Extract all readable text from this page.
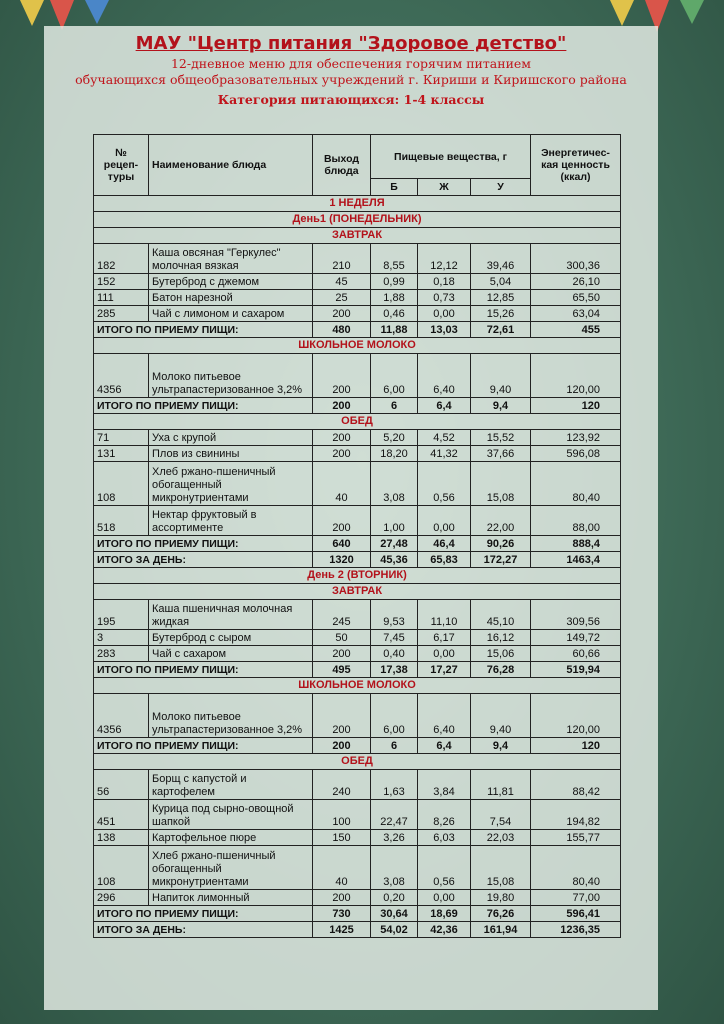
МАУ "Центр питания "Здоровое детство"
12-дневное меню для обеспечения горячим питанием
обучающихся общеобразовательных учреждений г. Кириши и Киришского района
Категория питающихся: 1-4 классы
№ рецеп-туры	Наименование блюда	Выход блюда	Пищевые вещества, г			Энергетичес-кая ценность (ккал)
			Б	Ж	У	
1 НЕДЕЛЯ						
День1 (ПОНЕДЕЛЬНИК)						
ЗАВТРАК						
182	Каша овсяная "Геркулес" молочная вязкая	210	8,55	12,12	39,46	300,36
152	Бутерброд с джемом	45	0,99	0,18	5,04	26,10
111	Батон нарезной	25	1,88	0,73	12,85	65,50
285	Чай с лимоном и сахаром	200	0,46	0,00	15,26	63,04
ИТОГО ПО ПРИЕМУ ПИЩИ:		480	11,88	13,03	72,61	455
ШКОЛЬНОЕ МОЛОКО						
4356	Молоко питьевое ультрапастеризованное 3,2%	200	6,00	6,40	9,40	120,00
ИТОГО ПО ПРИЕМУ ПИЩИ:		200	6	6,4	9,4	120
ОБЕД						
71	Уха с крупой	200	5,20	4,52	15,52	123,92
131	Плов из свинины	200	18,20	41,32	37,66	596,08
108	Хлеб ржано-пшеничный обогащенный микронутриентами	40	3,08	0,56	15,08	80,40
518	Нектар фруктовый в ассортименте	200	1,00	0,00	22,00	88,00
ИТОГО ПО ПРИЕМУ ПИЩИ:		640	27,48	46,4	90,26	888,4
ИТОГО ЗА ДЕНЬ:		1320	45,36	65,83	172,27	1463,4
День 2 (ВТОРНИК)						
ЗАВТРАК						
195	Каша пшеничная молочная жидкая	245	9,53	11,10	45,10	309,56
3	Бутерброд с сыром	50	7,45	6,17	16,12	149,72
283	Чай с сахаром	200	0,40	0,00	15,06	60,66
ИТОГО ПО ПРИЕМУ ПИЩИ:		495	17,38	17,27	76,28	519,94
ШКОЛЬНОЕ МОЛОКО						
4356	Молоко питьевое ультрапастеризованное 3,2%	200	6,00	6,40	9,40	120,00
ИТОГО ПО ПРИЕМУ ПИЩИ:		200	6	6,4	9,4	120
ОБЕД						
56	Борщ с капустой и картофелем	240	1,63	3,84	11,81	88,42
451	Курица под сырно-овощной шапкой	100	22,47	8,26	7,54	194,82
138	Картофельное пюре	150	3,26	6,03	22,03	155,77
108	Хлеб ржано-пшеничный обогащенный микронутриентами	40	3,08	0,56	15,08	80,40
296	Напиток лимонный	200	0,20	0,00	19,80	77,00
ИТОГО ПО ПРИЕМУ ПИЩИ:		730	30,64	18,69	76,26	596,41
ИТОГО ЗА ДЕНЬ:		1425	54,02	42,36	161,94	1236,35
